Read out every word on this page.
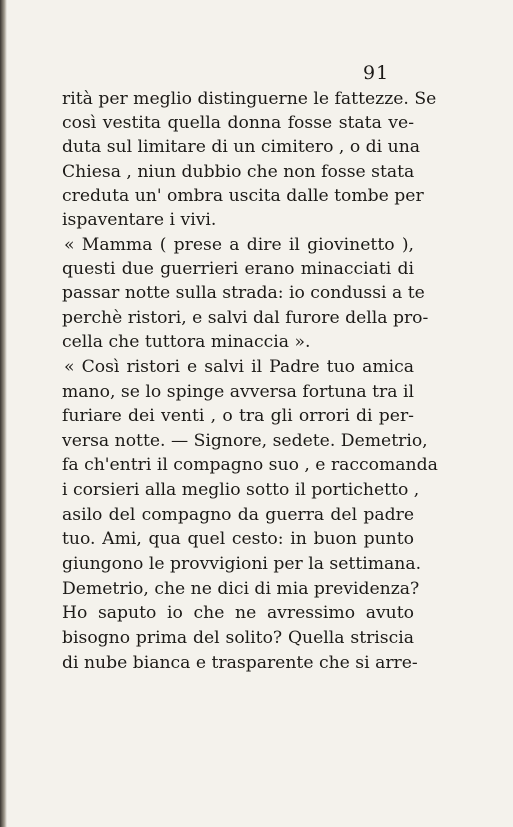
91
rità per meglio distinguerne le fattezze. Se
così vestita quella donna fosse stata ve-
duta sul limitare di un cimitero , o di una
Chiesa , niun dubbio che non fosse stata
creduta un' ombra uscita dalle tombe per
ispaventare i vivi.
« Mamma ( prese a dire il giovinetto ),
questi due guerrieri erano minacciati di
passar notte sulla strada: io condussi a te
perchè ristori, e salvi dal furore della pro-
cella che tuttora minaccia ».
« Così ristori e salvi il Padre tuo amica
mano, se lo spinge avversa fortuna tra il
furiare dei venti , o tra gli orrori di per-
versa notte. — Signore, sedete. Demetrio,
fa ch'entri il compagno suo , e raccomanda
i corsieri alla meglio sotto il portichetto ,
asilo del compagno da guerra del padre
tuo. Ami, qua quel cesto: in buon punto
giungono le provvigioni per la settimana.
Demetrio, che ne dici di mia previdenza?
Ho saputo io che ne avressimo avuto
bisogno prima del solito? Quella striscia
di nube bianca e trasparente che si arre-
